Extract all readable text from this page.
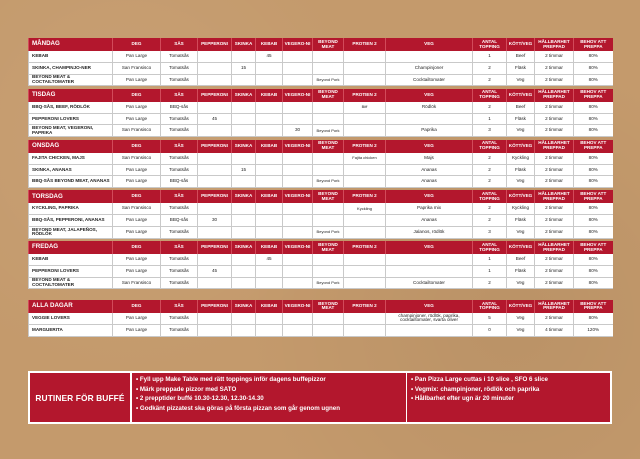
MÅNDAG	DEG	SÅS	PEPPERONI	SKINKA	KEBAB	VEGERO-NI	BEYOND MEAT	PROTIEN 2	VEG	ANTAL TOPPING	KÖTT/VEG	HÅLLBARHET PREPPAD	BEHOV ATT PREPPA
KEBAB	Pan Large	Tomatsås			45					1	Beef	2 timmar	80%
SKINKA, CHAMPINJO-NER	San Fransisco	Tomatsås		15					Champinjoner	2	Fläsk	2 timmar	80%
BEYOND MEAT & COCTAILTOMATER	Pan Large	Tomatsås					Beyond Pork		Cocktailtomater	2	Veg	2 timmar	80%

TISDAG	DEG	SÅS	PEPPERONI	SKINKA	KEBAB	VEGERO-NI	BEYOND MEAT	PROTIEN 2	VEG	ANTAL TOPPING	KÖTT/VEG	HÅLLBARHET PREPPAD	BEHOV ATT PREPPA
BBQ-SÅS, BEEF, RÖDLÖK	Pan Large	BBQ-sås						Biff	Rödlök	2	Beef	2 timmar	80%
PEPPERONI LOVERS	Pan Large	Tomatsås	45							1	Fläsk	2 timmar	80%
BEYOND MEAT, VEGERONI, PAPRIKA	San Fransisco	Tomatsås				30	Beyond Pork		Paprika	3	Veg	2 timmar	80%

ONSDAG	DEG	SÅS	PEPPERONI	SKINKA	KEBAB	VEGERO-NI	BEYOND MEAT	PROTIEN 2	VEG	ANTAL TOPPING	KÖTT/VEG	HÅLLBARHET PREPPAD	BEHOV ATT PREPPA
FAJITA CHICKEN, MAJS	San Fransisco	Tomatsås						Fajita chicken	Majs	2	Kyckling	2 timmar	80%
SKINKA, ANANAS	Pan Large	Tomatsås		15					Ananas	2	Fläsk	2 timmar	80%
BBQ-SÅS BEYOND MEAT, ANANAS	Pan Large	BBQ-sås					Beyond Pork		Ananas	2	Veg	2 timmar	80%

TORSDAG	DEG	SÅS	PEPPERONI	SKINKA	KEBAB	VEGERO-NI	BEYOND MEAT	PROTIEN 2	VEG	ANTAL TOPPING	KÖTT/VEG	HÅLLBARHET PREPPAD	BEHOV ATT PREPPA
KYCKLING, PAPRIKA	San Fransisco	Tomatsås						Kyckling	Paprika mix	2	Kyckling	2 timmar	80%
BBQ-SÅS, PEPPERONI, ANANAS	Pan Large	BBQ-sås	30						Ananas	2	Fläsk	2 timmar	80%
BEYOND MEAT, JALAPEÑOS, RÖDLÖK	Pan Large	Tomatsås					Beyond Pork		Jalanos, rödlök	3	Veg	2 timmar	80%

FREDAG	DEG	SÅS	PEPPERONI	SKINKA	KEBAB	VEGERO-NI	BEYOND MEAT	PROTIEN 2	VEG	ANTAL TOPPING	KÖTT/VEG	HÅLLBARHET PREPPAD	BEHOV ATT PREPPA
KEBAB	Pan Large	Tomatsås			45					1	Beef	2 timmar	80%
PEPPERONI LOVERS	Pan Large	Tomatsås	45							1	Fläsk	2 timmar	80%
BEYOND MEAT & COCTAILTOMATER	San Fransisco	Tomatsås					Beyond Pork		Cocktailtomater	2	Veg	2 timmar	80%

ALLA DAGAR	DEG	SÅS	PEPPERONI	SKINKA	KEBAB	VEGERO-NI	BEYOND MEAT	PROTIEN 2	VEG	ANTAL TOPPING	KÖTT/VEG	HÅLLBARHET PREPPAD	BEHOV ATT PREPPA
VEGGIE LOVERS	Pan Large	Tomatsås							champinjoner, rödlök, paprika, cocktailtomater, svarta oliver	5	Veg	2 timmar	80%
MARGUERITA	Pan Large	Tomatsås								0	Veg	4 timmar	120%
RUTINER FÖR BUFFÉ
• Fyll upp Make Table med rätt toppings inför dagens buffepizzor
• Märk preppade pizzor med SATO
• 2 prepptider buffé 10.30-12.30, 12.30-14.30
• Godkänt pizzatest ska göras på första pizzan som går genom ugnen
• Pan Pizza Large cuttas i 10 slice , SFO 6 slice
• Vegmix: champinjoner, rödlök och paprika
• Hållbarhet efter ugn är 20 minuter
